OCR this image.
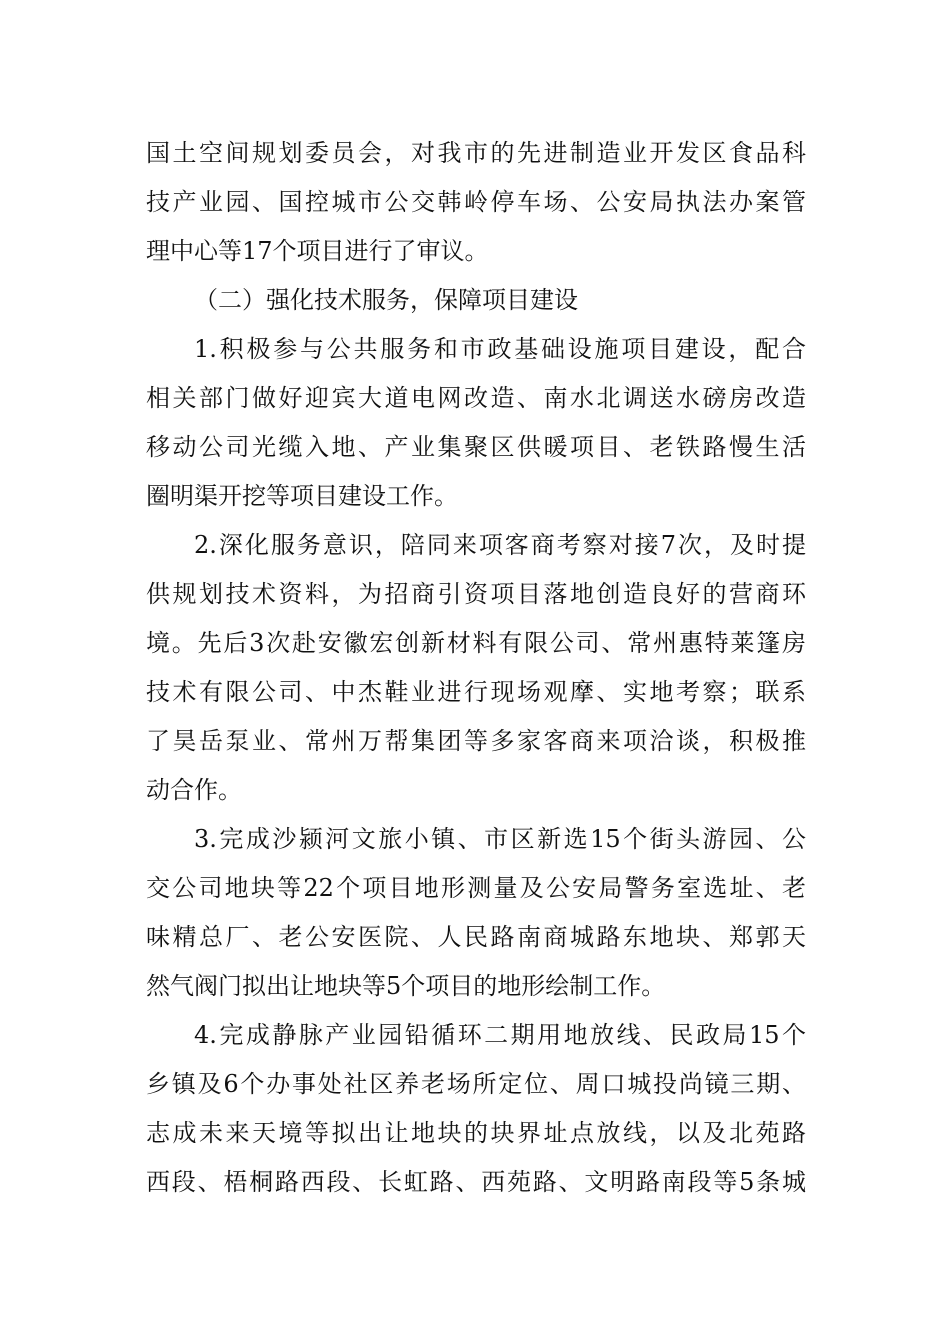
国土空间规划委员会，对我市的先进制造业开发区食品科
技产业园、国控城市公交韩岭停车场、公安局执法办案管
理中心等17个项目进行了审议。
（二）强化技术服务，保障项目建设
1.积极参与公共服务和市政基础设施项目建设，配合
相关部门做好迎宾大道电网改造、南水北调送水磅房改造
移动公司光缆入地、产业集聚区供暖项目、老铁路慢生活
圈明渠开挖等项目建设工作。
2.深化服务意识，陪同来项客商考察对接7次，及时提
供规划技术资料，为招商引资项目落地创造良好的营商环
境。先后3次赴安徽宏创新材料有限公司、常州惠特莱篷房
技术有限公司、中杰鞋业进行现场观摩、实地考察；联系
了昊岳泵业、常州万帮集团等多家客商来项洽谈，积极推
动合作。
3.完成沙颍河文旅小镇、市区新选15个街头游园、公
交公司地块等22个项目地形测量及公安局警务室选址、老
味精总厂、老公安医院、人民路南商城路东地块、郑郭天
然气阀门拟出让地块等5个项目的地形绘制工作。
4.完成静脉产业园铅循环二期用地放线、民政局15个
乡镇及6个办事处社区养老场所定位、周口城投尚镜三期、
志成未来天境等拟出让地块的块界址点放线，以及北苑路
西段、梧桐路西段、长虹路、西苑路、文明路南段等5条城
